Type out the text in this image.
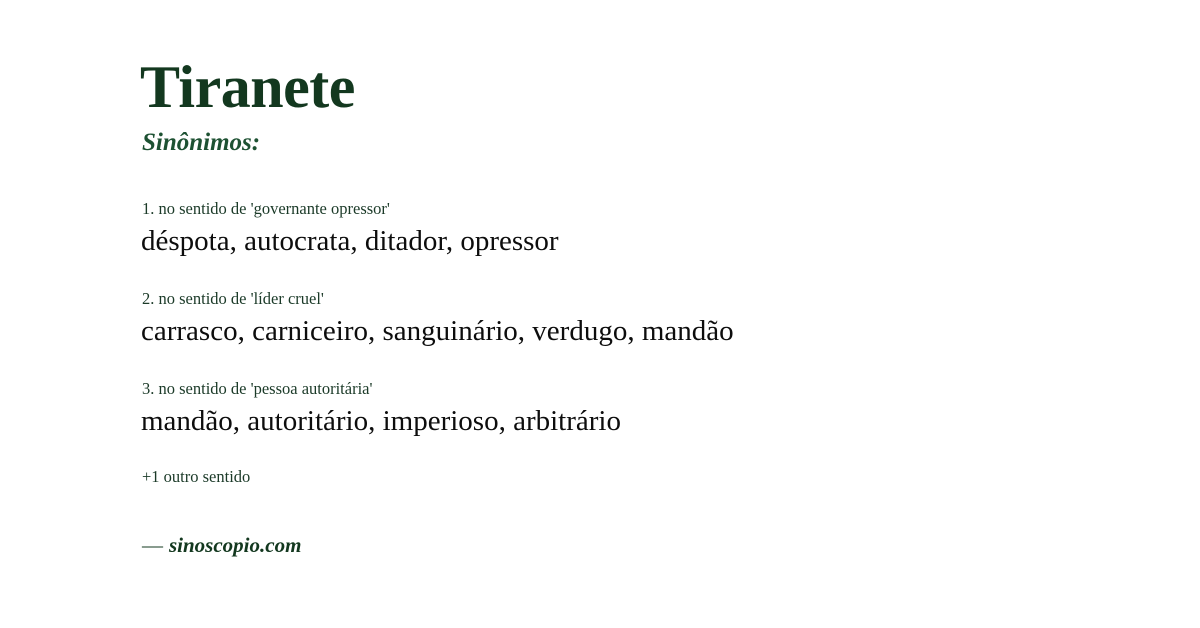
Tiranete
Sinônimos:
1. no sentido de 'governante opressor'
déspota, autocrata, ditador, opressor
2. no sentido de 'líder cruel'
carrasco, carniceiro, sanguinário, verdugo, mandão
3. no sentido de 'pessoa autoritária'
mandão, autoritário, imperioso, arbitrário
+1 outro sentido
— sinoscopio.com
